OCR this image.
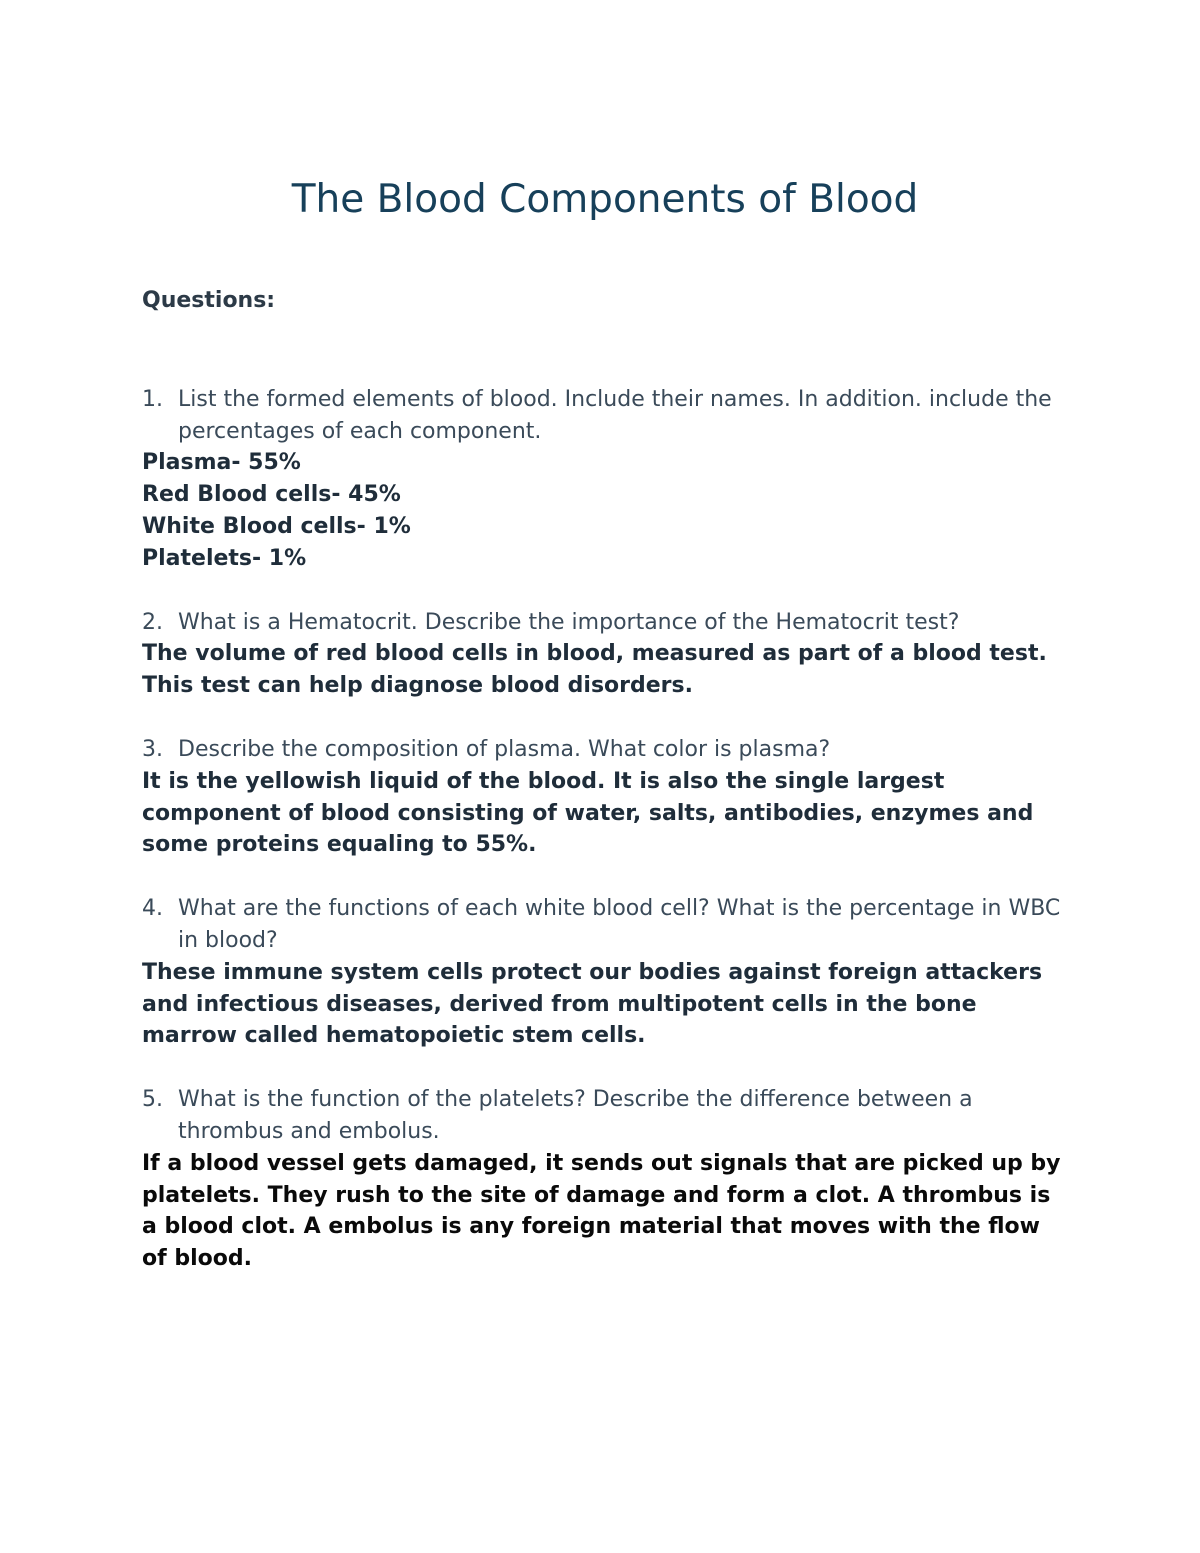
The Blood Components of Blood
Questions:
1. List the formed elements of blood. Include their names. In addition. include the percentages of each component.
Plasma- 55%
Red Blood cells- 45%
White Blood cells- 1%
Platelets- 1%
2. What is a Hematocrit. Describe the importance of the Hematocrit test?
The volume of red blood cells in blood, measured as part of a blood test. This test can help diagnose blood disorders.
3. Describe the composition of plasma. What color is plasma?
It is the yellowish liquid of the blood. It is also the single largest component of blood consisting of water, salts, antibodies, enzymes and some proteins equaling to 55%.
4. What are the functions of each white blood cell? What is the percentage in WBC in blood?
These immune system cells protect our bodies against foreign attackers and infectious diseases, derived from multipotent cells in the bone marrow called hematopoietic stem cells.
5. What is the function of the platelets? Describe the difference between a thrombus and embolus.
If a blood vessel gets damaged, it sends out signals that are picked up by platelets. They rush to the site of damage and form a clot. A thrombus is a blood clot. A embolus is any foreign material that moves with the flow of blood.
